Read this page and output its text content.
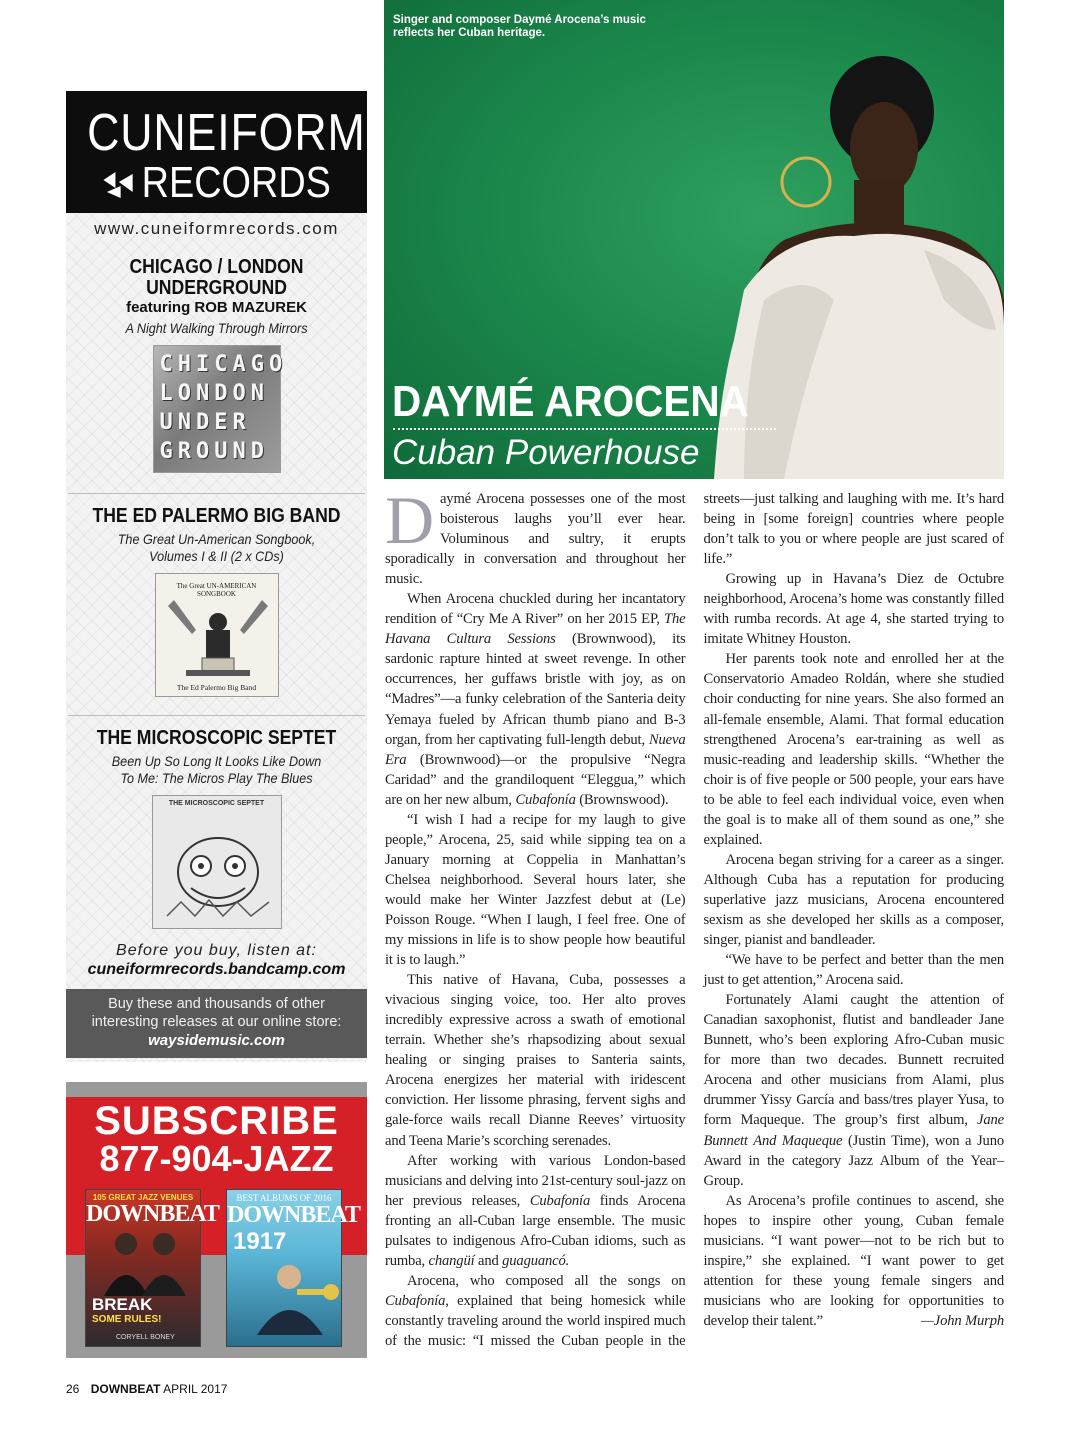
CUNEIFORM
RECORDS
www.cuneiformrecords.com
CHICAGO / LONDON
UNDERGROUND
featuring ROB MAZUREK
A Night Walking Through Mirrors
CHICAGO
LONDON
UNDER
GROUND
THE ED PALERMO BIG BAND
The Great Un-American Songbook,
Volumes I & II (2 x CDs)
The Great UN-AMERICAN SONGBOOK
The Ed Palermo Big Band
THE MICROSCOPIC SEPTET
Been Up So Long It Looks Like Down
To Me: The Micros Play The Blues
THE MICROSCOPIC SEPTET
Before you buy, listen at:
cuneiformrecords.bandcamp.com
Buy these and thousands of other
interesting releases at our online store:
waysidemusic.com
SUBSCRIBE
877-904-JAZZ
105 GREAT JAZZ VENUES
DOWNBEAT
BREAK
SOME RULES!
CORYELL BONEY
BEST ALBUMS OF 2016
DOWNBEAT
1917
Singer and composer Daymé Arocena’s music
reflects her Cuban heritage.
DAYMÉ AROCENA
Cuban Powerhouse

Daymé Arocena possesses one of the most boisterous laughs you’ll ever hear. Voluminous and sultry, it erupts sporadically in conversation and throughout her music.

When Arocena chuckled during her incantatory rendition of “Cry Me A River” on her 2015 EP, The Havana Cultura Sessions (Brownwood), its sardonic rapture hinted at sweet revenge. In other occurrences, her guffaws bristle with joy, as on “Madres”—a funky celebration of the Santeria deity Yemaya fueled by African thumb piano and B-3 organ, from her captivating full-length debut, Nueva Era (Brownwood)—or the propulsive “Negra Caridad” and the grandiloquent “Eleggua,” which are on her new album, Cubafonía (Brownswood).

“I wish I had a recipe for my laugh to give people,” Arocena, 25, said while sipping tea on a January morning at Coppelia in Manhattan’s Chelsea neighborhood. Several hours later, she would make her Winter Jazzfest debut at (Le) Poisson Rouge. “When I laugh, I feel free. One of my missions in life is to show people how beautiful it is to laugh.”

This native of Havana, Cuba, possesses a vivacious singing voice, too. Her alto proves incredibly expressive across a swath of emotional terrain. Whether she’s rhapsodizing about sexual healing or singing praises to Santeria saints, Arocena energizes her material with iridescent conviction. Her lissome phrasing, fervent sighs and gale-force wails recall Dianne Reeves’ virtuosity and Teena Marie’s scorching serenades.

After working with various London-based musicians and delving into 21st-century soul-jazz on her previous releases, Cubafonía finds Arocena fronting an all-Cuban large ensemble. The music pulsates to indigenous Afro-Cuban idioms, such as rumba, changüí and guaguancó.

Arocena, who composed all the songs on Cubafonía, explained that being homesick while constantly traveling around the world inspired much of the music: “I missed the Cuban people in the streets—just talking and laughing with me. It’s hard being in [some foreign] countries where people don’t talk to you or where people are just scared of life.”

Growing up in Havana’s Diez de Octubre neighborhood, Arocena’s home was constantly filled with rumba records. At age 4, she started trying to imitate Whitney Houston.

Her parents took note and enrolled her at the Conservatorio Amadeo Roldán, where she studied choir conducting for nine years. She also formed an all-female ensemble, Alami. That formal education strengthened Arocena’s ear-training as well as music-reading and leadership skills. “Whether the choir is of five people or 500 people, your ears have to be able to feel each individual voice, even when the goal is to make all of them sound as one,” she explained.

Arocena began striving for a career as a singer. Although Cuba has a reputation for producing superlative jazz musicians, Arocena encountered sexism as she developed her skills as a composer, singer, pianist and bandleader.

“We have to be perfect and better than the men just to get attention,” Arocena said.

Fortunately Alami caught the attention of Canadian saxophonist, flutist and bandleader Jane Bunnett, who’s been exploring Afro-Cuban music for more than two decades. Bunnett recruited Arocena and other musicians from Alami, plus drummer Yissy García and bass/tres player Yusa, to form Maqueque. The group’s first album, Jane Bunnett And Maqueque (Justin Time), won a Juno Award in the category Jazz Album of the Year–Group.

As Arocena’s profile continues to ascend, she hopes to inspire other young, Cuban female musicians. “I want power—not to be rich but to inspire,” she explained. “I want power to get attention for these young female singers and musicians who are looking for opportunities to develop their talent.”	—John Murph
26 DOWNBEAT APRIL 2017
